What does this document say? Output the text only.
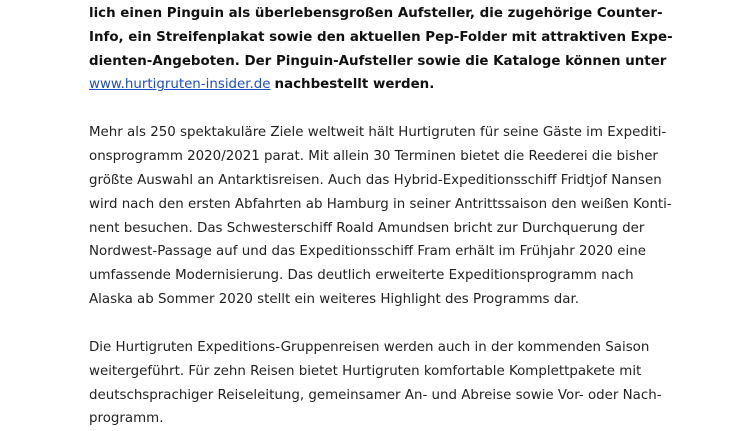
lich einen Pinguin als überlebensgroßen Aufsteller, die zugehörige Counter-
Info, ein Streifenplakat sowie den aktuellen Pep-Folder mit attraktiven Expe-
dienten-Angeboten. Der Pinguin-Aufsteller sowie die Kataloge können unter
www.hurtigruten-insider.de nachbestellt werden.
Mehr als 250 spektakuläre Ziele weltweit hält Hurtigruten für seine Gäste im Expediti-
onsprogramm 2020/2021 parat. Mit allein 30 Terminen bietet die Reederei die bisher
größte Auswahl an Antarktisreisen. Auch das Hybrid-Expeditionsschiff Fridtjof Nansen
wird nach den ersten Abfahrten ab Hamburg in seiner Antrittssaison den weißen Konti-
nent besuchen. Das Schwesterschiff Roald Amundsen bricht zur Durchquerung der
Nordwest-Passage auf und das Expeditionsschiff Fram erhält im Frühjahr 2020 eine
umfassende Modernisierung. Das deutlich erweiterte Expeditionsprogramm nach
Alaska ab Sommer 2020 stellt ein weiteres Highlight des Programms dar.
Die Hurtigruten Expeditions-Gruppenreisen werden auch in der kommenden Saison
weitergeführt. Für zehn Reisen bietet Hurtigruten komfortable Komplettpakete mit
deutschsprachiger Reiseleitung, gemeinsamer An- und Abreise sowie Vor- oder Nach-
programm.
